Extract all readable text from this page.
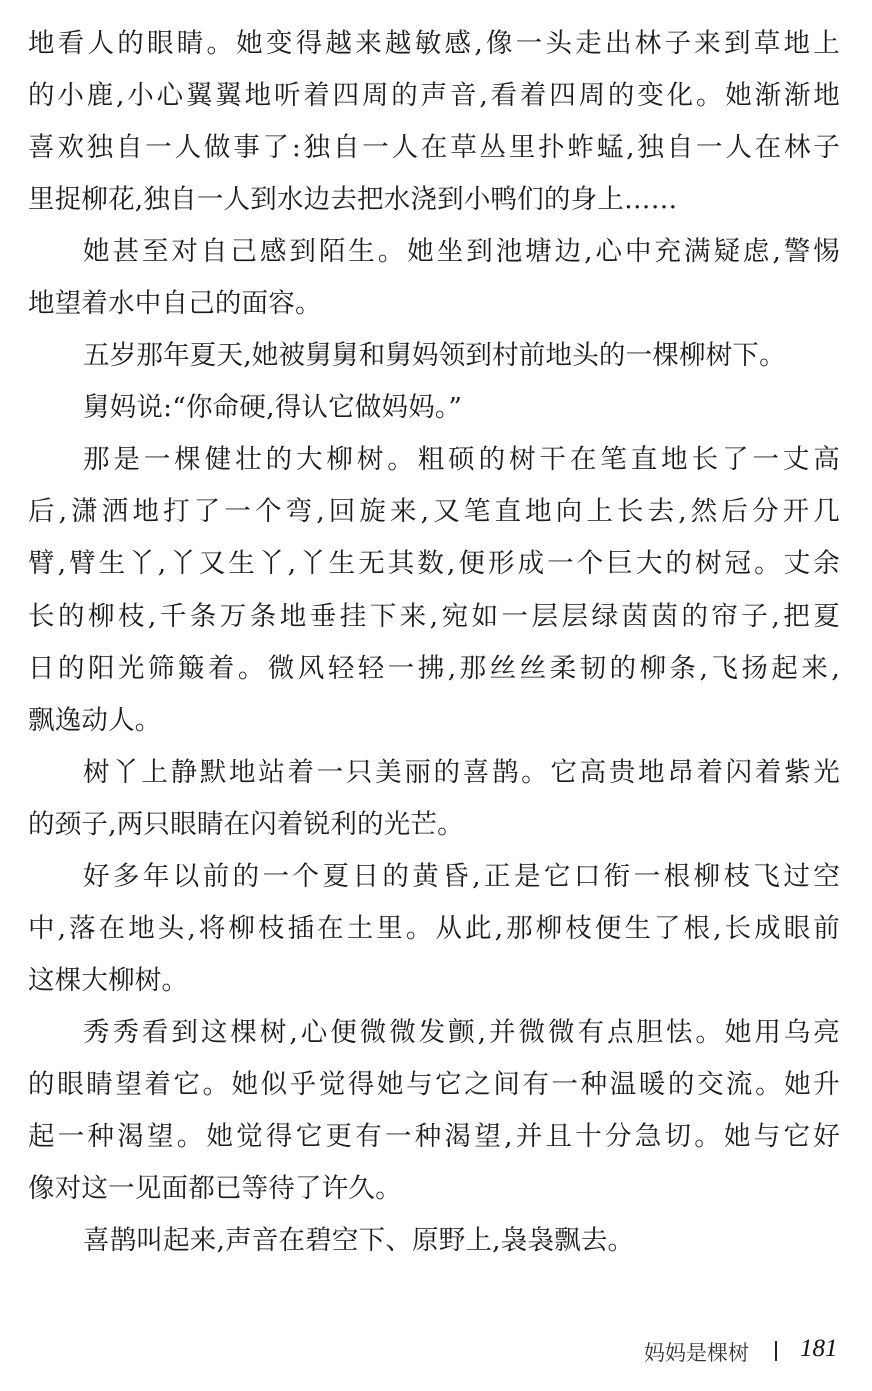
地看人的眼睛。她变得越来越敏感,像一头走出林子来到草地上
的小鹿,小心翼翼地听着四周的声音,看着四周的变化。她渐渐地
喜欢独自一人做事了:独自一人在草丛里扑蚱蜢,独自一人在林子
里捉柳花,独自一人到水边去把水浇到小鸭们的身上……
她甚至对自己感到陌生。她坐到池塘边,心中充满疑虑,警惕
地望着水中自己的面容。
五岁那年夏天,她被舅舅和舅妈领到村前地头的一棵柳树下。
舅妈说:“你命硬,得认它做妈妈。”
那是一棵健壮的大柳树。粗硕的树干在笔直地长了一丈高
后,潇洒地打了一个弯,回旋来,又笔直地向上长去,然后分开几
臂,臂生丫,丫又生丫,丫生无其数,便形成一个巨大的树冠。丈余
长的柳枝,千条万条地垂挂下来,宛如一层层绿茵茵的帘子,把夏
日的阳光筛簸着。微风轻轻一拂,那丝丝柔韧的柳条,飞扬起来,
飘逸动人。
树丫上静默地站着一只美丽的喜鹊。它高贵地昂着闪着紫光
的颈子,两只眼睛在闪着锐利的光芒。
好多年以前的一个夏日的黄昏,正是它口衔一根柳枝飞过空
中,落在地头,将柳枝插在土里。从此,那柳枝便生了根,长成眼前
这棵大柳树。
秀秀看到这棵树,心便微微发颤,并微微有点胆怯。她用乌亮
的眼睛望着它。她似乎觉得她与它之间有一种温暖的交流。她升
起一种渴望。她觉得它更有一种渴望,并且十分急切。她与它好
像对这一见面都已等待了许久。
喜鹊叫起来,声音在碧空下、原野上,袅袅飘去。
妈妈是棵树 181
